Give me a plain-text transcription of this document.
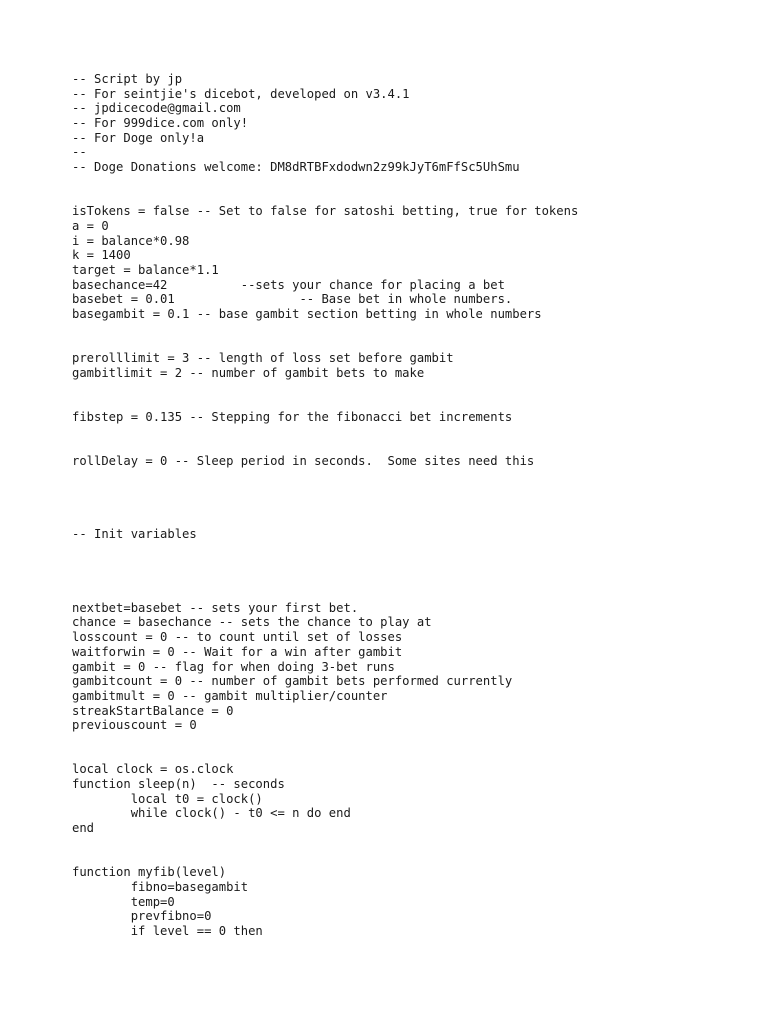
-- Script by jp
-- For seintjie's dicebot, developed on v3.4.1
-- jpdicecode@gmail.com
-- For 999dice.com only!
-- For Doge only!a
--
-- Doge Donations welcome: DM8dRTBFxdodwn2z99kJyT6mFfSc5UhSmu
isTokens = false -- Set to false for satoshi betting, true for tokens
a = 0
i = balance*0.98
k = 1400
target = balance*1.1
basechance=42          --sets your chance for placing a bet
basebet = 0.01                 -- Base bet in whole numbers.
basegambit = 0.1 -- base gambit section betting in whole numbers
prerolllimit = 3 -- length of loss set before gambit
gambitlimit = 2 -- number of gambit bets to make
fibstep = 0.135 -- Stepping for the fibonacci bet increments
rollDelay = 0 -- Sleep period in seconds.  Some sites need this
-- Init variables
nextbet=basebet -- sets your first bet.
chance = basechance -- sets the chance to play at
losscount = 0 -- to count until set of losses
waitforwin = 0 -- Wait for a win after gambit
gambit = 0 -- flag for when doing 3-bet runs
gambitcount = 0 -- number of gambit bets performed currently
gambitmult = 0 -- gambit multiplier/counter
streakStartBalance = 0
previouscount = 0
local clock = os.clock
function sleep(n)  -- seconds
local t0 = clock()
while clock() - t0 <= n do end
end
function myfib(level)
fibno=basegambit
temp=0
prevfibno=0
if level == 0 then
